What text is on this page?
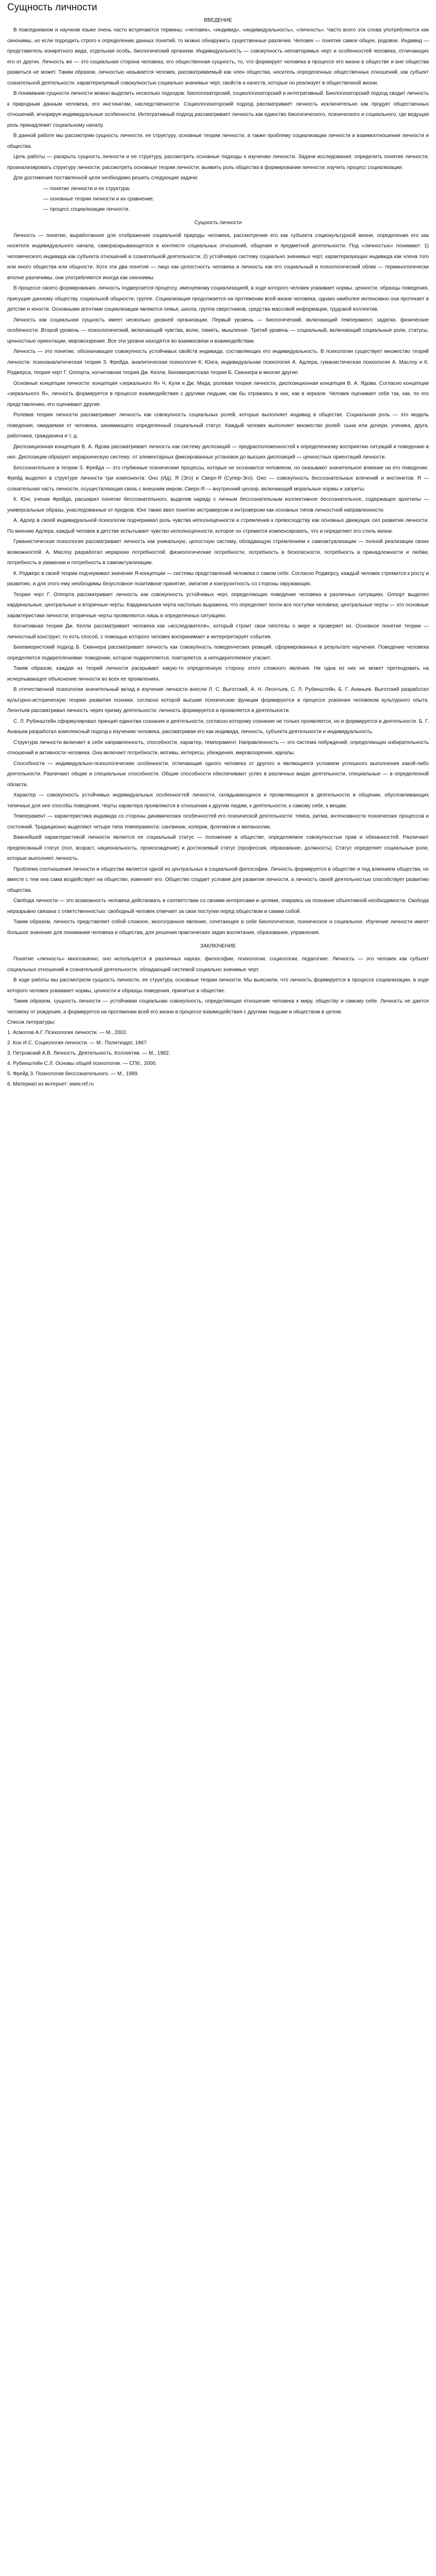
Сущность личности
ВВЕДЕНИЕ

В повседневном и научном языке очень часто встречаются термины: «человек», «индивид», «индивидуальность», «личность». Часто всего эти слова употребляются как синонимы, но если подходить строго к определению данных понятий, то можно обнаружить существенные различия. Человек — понятие самое общее, родовое. Индивид — представитель конкретного вида, отдельная особь, биологический организм. Индивидуальность — совокупность неповторимых черт и особенностей человека, отличающих его от других. Личность же — это социальная сторона человека, его общественная сущность, то, что формирует человека в процессе его жизни в обществе и вне общества развиться не может. Таким образом, личностью называется человек, рассматриваемый как член общества, носитель определенных общественных отношений, как субъект сознательной деятельности, характеризуемый совокупностью социально значимых черт, свойств и качеств, которые он реализует в общественной жизни.

В понимании сущности личности можно выделить несколько подходов: биологизаторский, социологизаторский и интегративный. Биологизаторский подход сводит личность к природным данным человека, его инстинктам, наследственности. Социологизаторский подход рассматривает личность исключительно как продукт общественных отношений, игнорируя индивидуальные особенности. Интегративный подход рассматривает личность как единство биологического, психического и социального, где ведущая роль принадлежит социальному началу.

В данной работе мы рассмотрим сущность личности, ее структуру, основные теории личности, а также проблему социализации личности и взаимоотношения личности и общества.

Цель работы — раскрыть сущность личности и ее структуру, рассмотреть основные подходы к изучению личности. Задачи исследования: определить понятие личности; проанализировать структуру личности; рассмотреть основные теории личности; выявить роль общества в формировании личности; изучить процесс социализации.

Для достижения поставленной цели необходимо решить следующие задачи:

— понятие личности и ее структура;
— основные теории личности и их сравнение;
— процесс социализации личности.
Сущность личности

Личность — понятие, выработанное для отображения социальной природы человека, рассмотрения его как субъекта социокультурной жизни, определения его как носителя индивидуального начала, самораскрывающегося в контексте социальных отношений, общения и предметной деятельности. Под «личностью» понимают: 1) человеческого индивида как субъекта отношений и сознательной деятельности; 2) устойчивую систему социально значимых черт, характеризующих индивида как члена того или иного общества или общности. Хотя эти два понятия — лицо как целостность человека и личность как его социальный и психологический облик — терминологически вполне различимы, они употребляются иногда как синонимы.

В процессе своего формирования, личность подвергается процессу, именуемому социализацией, в ходе которого человек усваивает нормы, ценности, образцы поведения, присущие данному обществу, социальной общности, группе. Социализация продолжается на протяжении всей жизни человека, однако наиболее интенсивно она протекает в детстве и юности. Основными агентами социализации являются семья, школа, группа сверстников, средства массовой информации, трудовой коллектив.

Личность как социальная сущность имеет несколько уровней организации. Первый уровень — биологический, включающий темперамент, задатки, физические особенности. Второй уровень — психологический, включающий чувства, волю, память, мышление. Третий уровень — социальный, включающий социальные роли, статусы, ценностные ориентации, мировоззрение. Все эти уровни находятся во взаимосвязи и взаимодействии.

Личность — это понятие, обозначающее совокупность устойчивых свойств индивида, составляющих его индивидуальность. В психологии существует множество теорий личности: психоаналитическая теория З. Фрейда, аналитическая психология К. Юнга, индивидуальная психология А. Адлера, гуманистическая психология А. Маслоу и К. Роджерса, теория черт Г. Олпорта, когнитивная теория Дж. Келли, бихевиористская теория Б. Скиннера и многие другие.

Основные концепции личности: концепция «зеркального Я» Ч. Кули и Дж. Мида, ролевая теория личности, диспозиционная концепция В. А. Ядова. Согласно концепции «зеркального Я», личность формируется в процессе взаимодействия с другими людьми, как бы отражаясь в них, как в зеркале. Человек оценивает себя так, как, по его представлению, его оценивают другие.

Ролевая теория личности рассматривает личность как совокупность социальных ролей, которые выполняет индивид в обществе. Социальная роль — это модель поведения, ожидаемая от человека, занимающего определенный социальный статус. Каждый человек выполняет множество ролей: сына или дочери, ученика, друга, работника, гражданина и т. д.

Диспозиционная концепция В. А. Ядова рассматривает личность как систему диспозиций — предрасположенностей к определенному восприятию ситуаций и поведению в них. Диспозиции образуют иерархическую систему: от элементарных фиксированных установок до высших диспозиций — ценностных ориентаций личности.

Бессознательное в теории З. Фрейда — это глубинные психические процессы, которые не осознаются человеком, но оказывают значительное влияние на его поведение. Фрейд выделял в структуре личности три компонента: Оно (Ид), Я (Эго) и Сверх-Я (Супер-Эго). Оно — совокупность бессознательных влечений и инстинктов; Я — сознательная часть личности, осуществляющая связь с внешним миром; Сверх-Я — внутренний цензор, включающий моральные нормы и запреты.

К. Юнг, ученик Фрейда, расширил понятие бессознательного, выделив наряду с личным бессознательным коллективное бессознательное, содержащее архетипы — универсальные образы, унаследованные от предков. Юнг также ввел понятия экстраверсии и интроверсии как основных типов личностной направленности.

А. Адлер в своей индивидуальной психологии подчеркивал роль чувства неполноценности и стремления к превосходству как основных движущих сил развития личности. По мнению Адлера, каждый человек в детстве испытывает чувство неполноценности, которое он стремится компенсировать, что и определяет его стиль жизни.

Гуманистическая психология рассматривает личность как уникальную, целостную систему, обладающую стремлением к самоактуализации — полной реализации своих возможностей. А. Маслоу разработал иерархию потребностей: физиологические потребности, потребность в безопасности, потребность в принадлежности и любви, потребность в уважении и потребность в самоактуализации.

К. Роджерс в своей теории подчеркивал значение Я-концепции — системы представлений человека о самом себе. Согласно Роджерсу, каждый человек стремится к росту и развитию, и для этого ему необходимы безусловное позитивное принятие, эмпатия и конгруэнтность со стороны окружающих.

Теория черт Г. Олпорта рассматривает личность как совокупность устойчивых черт, определяющих поведение человека в различных ситуациях. Олпорт выделял кардинальные, центральные и вторичные черты. Кардинальная черта настолько выражена, что определяет почти все поступки человека; центральные черты — это основные характеристики личности; вторичные черты проявляются лишь в определенных ситуациях.

Когнитивная теория Дж. Келли рассматривает человека как «исследователя», который строит свои гипотезы о мире и проверяет их. Основное понятие теории — личностный конструкт, то есть способ, с помощью которого человек воспринимает и интерпретирует события.

Бихевиористский подход Б. Скиннера рассматривает личность как совокупность поведенческих реакций, сформированных в результате научения. Поведение человека определяется подкреплениями: поведение, которое подкрепляется, повторяется, а неподкрепляемое угасает.

Таким образом, каждая из теорий личности раскрывает какую-то определенную сторону этого сложного явления. Ни одна из них не может претендовать на исчерпывающее объяснение личности во всех ее проявлениях.

В отечественной психологии значительный вклад в изучение личности внесли Л. С. Выготский, А. Н. Леонтьев, С. Л. Рубинштейн, Б. Г. Ананьев. Выготский разработал культурно-историческую теорию развития психики, согласно которой высшие психические функции формируются в процессе усвоения человеком культурного опыта. Леонтьев рассматривал личность через призму деятельности: личность формируется и проявляется в деятельности.

С. Л. Рубинштейн сформулировал принцип единства сознания и деятельности, согласно которому сознание не только проявляется, но и формируется в деятельности. Б. Г. Ананьев разработал комплексный подход к изучению человека, рассматривая его как индивида, личность, субъекта деятельности и индивидуальность.

Структура личности включает в себя направленность, способности, характер, темперамент. Направленность — это система побуждений, определяющих избирательность отношений и активности человека. Она включает потребности, мотивы, интересы, убеждения, мировоззрение, идеалы.

Способности — индивидуально-психологические особенности, отличающие одного человека от другого и являющиеся условием успешного выполнения какой-либо деятельности. Различают общие и специальные способности. Общие способности обеспечивают успех в различных видах деятельности, специальные — в определенной области.

Характер — совокупность устойчивых индивидуальных особенностей личности, складывающихся и проявляющихся в деятельности и общении, обусловливающих типичные для нее способы поведения. Черты характера проявляются в отношении к другим людям, к деятельности, к самому себе, к вещам.

Темперамент — характеристика индивида со стороны динамических особенностей его психической деятельности: темпа, ритма, интенсивности психических процессов и состояний. Традиционно выделяют четыре типа темперамента: сангвиник, холерик, флегматик и меланхолик.

Важнейшей характеристикой личности является ее социальный статус — положение в обществе, определяемое совокупностью прав и обязанностей. Различают предписанный статус (пол, возраст, национальность, происхождение) и достигаемый статус (профессия, образование, должность). Статус определяет социальные роли, которые выполняет личность.

Проблема соотношения личности и общества является одной из центральных в социальной философии. Личность формируется в обществе и под влиянием общества, но вместе с тем она сама воздействует на общество, изменяет его. Общество создает условия для развития личности, а личность своей деятельностью способствует развитию общества.

Свобода личности — это возможность человека действовать в соответствии со своими интересами и целями, опираясь на познание объективной необходимости. Свобода неразрывно связана с ответственностью: свободный человек отвечает за свои поступки перед обществом и самим собой.

Таким образом, личность представляет собой сложное, многогранное явление, сочетающее в себе биологическое, психическое и социальное. Изучение личности имеет большое значение для понимания человека и общества, для решения практических задач воспитания, образования, управления.

ЗАКЛЮЧЕНИЕ

Понятие «личность» многозначно, оно используется в различных науках: философии, психологии, социологии, педагогике. Личность — это человек как субъект социальных отношений и сознательной деятельности, обладающий системой социально значимых черт.

В ходе работы мы рассмотрели сущность личности, ее структуру, основные теории личности. Мы выяснили, что личность формируется в процессе социализации, в ходе которого человек усваивает нормы, ценности и образцы поведения, принятые в обществе.

Таким образом, сущность личности — устойчивая социальная совокупность, определяющая отношение человека к миру, обществу и самому себе. Личность не дается человеку от рождения, а формируется на протяжении всей его жизни в процессе взаимодействия с другими людьми и обществом в целом.

Список литературы:

1. Асмолов А.Г. Психология личности. — М., 2002.
2. Кон И.С. Социология личности. — М.: Политиздат, 1967.
3. Петровский А.В. Личность. Деятельность. Коллектив. — М., 1982.
4. Рубинштейн С.Л. Основы общей психологии. — СПб., 2000.
5. Фрейд З. Психология бессознательного. — М., 1989.
6. Материал из интернет: www.ref.ru
